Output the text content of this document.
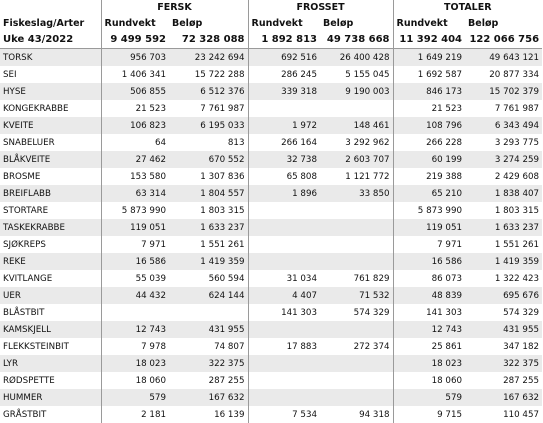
	FERSK		FROSSET		TOTALER	
Fiskeslag/Arter	Rundvekt	Beløp	Rundvekt	Beløp	Rundvekt	Beløp
Uke 43/2022	9 499 592	72 328 088	1 892 813	49 738 668	11 392 404	122 066 756
TORSK	956 703	23 242 694	692 516	26 400 428	1 649 219	49 643 121
SEI	1 406 341	15 722 288	286 245	5 155 045	1 692 587	20 877 334
HYSE	506 855	6 512 376	339 318	9 190 003	846 173	15 702 379
KONGEKRABBE	21 523	7 761 987			21 523	7 761 987
KVEITE	106 823	6 195 033	1 972	148 461	108 796	6 343 494
SNABELUER	64	813	266 164	3 292 962	266 228	3 293 775
BLÅKVEITE	27 462	670 552	32 738	2 603 707	60 199	3 274 259
BROSME	153 580	1 307 836	65 808	1 121 772	219 388	2 429 608
BREIFLABB	63 314	1 804 557	1 896	33 850	65 210	1 838 407
STORTARE	5 873 990	1 803 315			5 873 990	1 803 315
TASKEKRABBE	119 051	1 633 237			119 051	1 633 237
SJØKREPS	7 971	1 551 261			7 971	1 551 261
REKE	16 586	1 419 359			16 586	1 419 359
KVITLANGE	55 039	560 594	31 034	761 829	86 073	1 322 423
UER	44 432	624 144	4 407	71 532	48 839	695 676
BLÅSTBIT			141 303	574 329	141 303	574 329
KAMSKJELL	12 743	431 955			12 743	431 955
FLEKKSTEINBIT	7 978	74 807	17 883	272 374	25 861	347 182
LYR	18 023	322 375			18 023	322 375
RØDSPETTE	18 060	287 255			18 060	287 255
HUMMER	579	167 632			579	167 632
GRÅSTBIT	2 181	16 139	7 534	94 318	9 715	110 457
